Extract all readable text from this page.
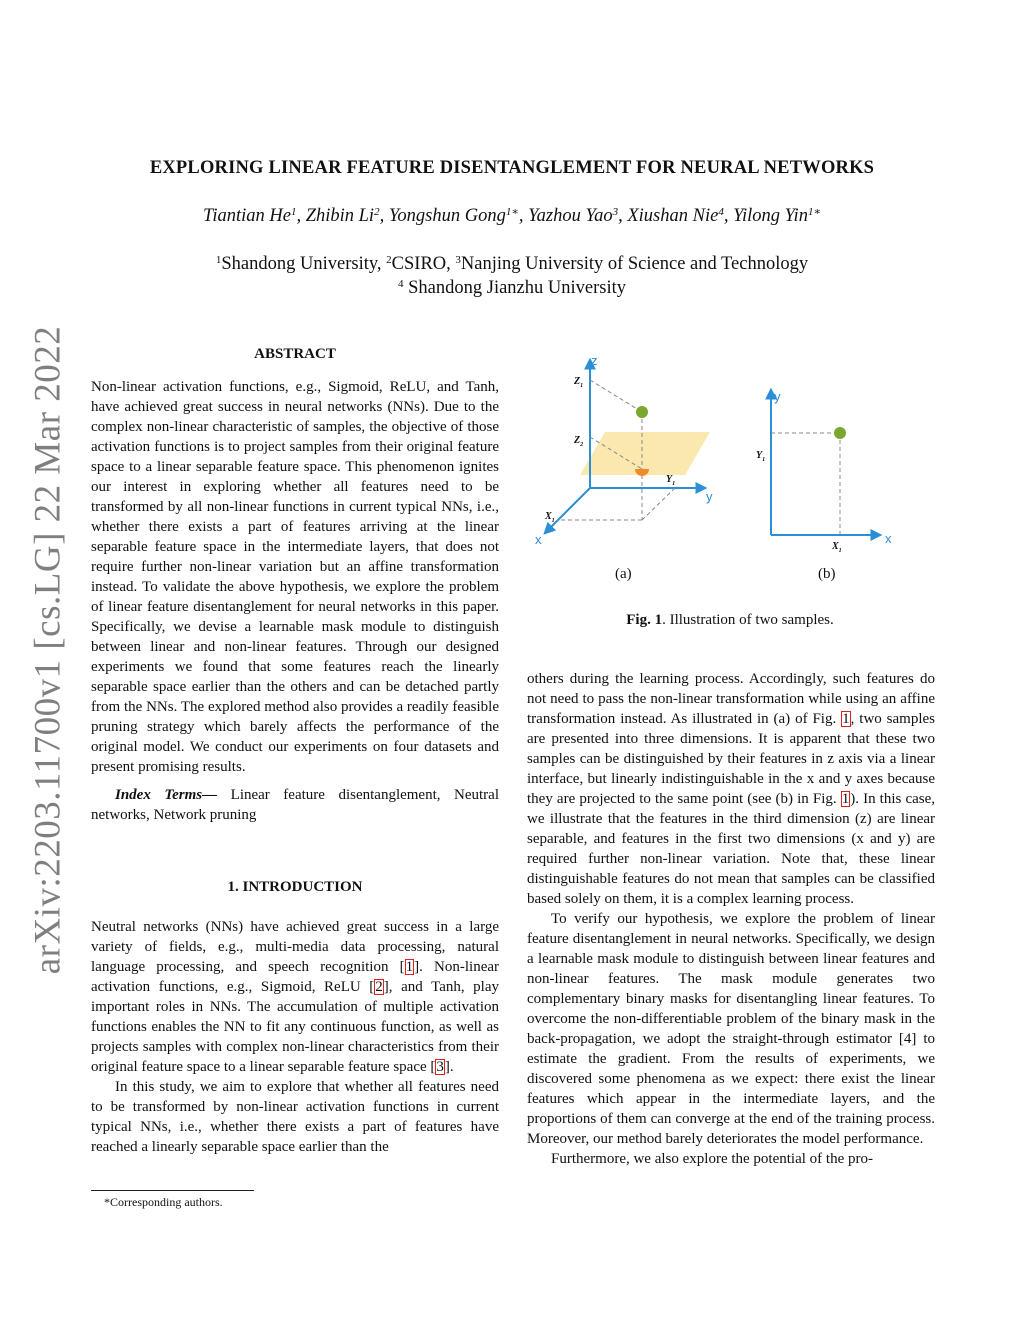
arXiv:2203.11700v1 [cs.LG] 22 Mar 2022
EXPLORING LINEAR FEATURE DISENTANGLEMENT FOR NEURAL NETWORKS
Tiantian He$^1$, Zhibin Li$^2$, Yongshun Gong$^{1∗}$, Yazhou Yao$^3$, Xiushan Nie$^4$, Yilong Yin$^{1∗}$
$^1$Shandong University, $^2$CSIRO, $^3$Nanjing University of Science and Technology
$^4$ Shandong Jianzhu University
ABSTRACT

Non-linear activation functions, e.g., Sigmoid, ReLU, and Tanh, have achieved great success in neural networks (NNs). Due to the complex non-linear characteristic of samples, the objective of those activation functions is to project samples from their original feature space to a linear separable feature space. This phenomenon ignites our interest in exploring whether all features need to be transformed by all non-linear functions in current typical NNs, i.e., whether there exists a part of features arriving at the linear separable feature space in the intermediate layers, that does not require further non-linear variation but an affine transformation instead. To validate the above hypothesis, we explore the problem of linear feature disentanglement for neural networks in this paper. Specifically, we devise a learnable mask module to distinguish between linear and non-linear features. Through our designed experiments we found that some features reach the linearly separable space earlier than the others and can be detached partly from the NNs. The explored method also provides a readily feasible pruning strategy which barely affects the performance of the original model. We conduct our experiments on four datasets and present promising results.

Index Terms— Linear feature disentanglement, Neutral networks, Network pruning

1. INTRODUCTION

Neutral networks (NNs) have achieved great success in a large variety of fields, e.g., multi-media data processing, natural language processing, and speech recognition [1]. Non-linear activation functions, e.g., Sigmoid, ReLU [2], and Tanh, play important roles in NNs. The accumulation of multiple activation functions enables the NN to fit any continuous function, as well as projects samples with complex non-linear characteristics from their original feature space to a linear separable feature space [3].

In this study, we aim to explore that whether all features need to be transformed by non-linear activation functions in current typical NNs, i.e., whether there exists a part of features have reached a linearly separable space earlier than the

*Corresponding authors.
z
y
x
$Z_1$
$Z_2$
$Y_1$
$X_1$
(a)
y
x
$Y_1$
$X_1$
(b)
Fig. 1. Illustration of two samples.

others during the learning process. Accordingly, such features do not need to pass the non-linear transformation while using an affine transformation instead. As illustrated in (a) of Fig. 1, two samples are presented into three dimensions. It is apparent that these two samples can be distinguished by their features in z axis via a linear interface, but linearly indistinguishable in the x and y axes because they are projected to the same point (see (b) in Fig. 1). In this case, we illustrate that the features in the third dimension (z) are linear separable, and features in the first two dimensions (x and y) are required further non-linear variation. Note that, these linear distinguishable features do not mean that samples can be classified based solely on them, it is a complex learning process.

To verify our hypothesis, we explore the problem of linear feature disentanglement in neural networks. Specifically, we design a learnable mask module to distinguish between linear features and non-linear features. The mask module generates two complementary binary masks for disentangling linear features. To overcome the non-differentiable problem of the binary mask in the back-propagation, we adopt the straight-through estimator [4] to estimate the gradient. From the results of experiments, we discovered some phenomena as we expect: there exist the linear features which appear in the intermediate layers, and the proportions of them can converge at the end of the training process. Moreover, our method barely deteriorates the model performance.

Furthermore, we also explore the potential of the pro-
